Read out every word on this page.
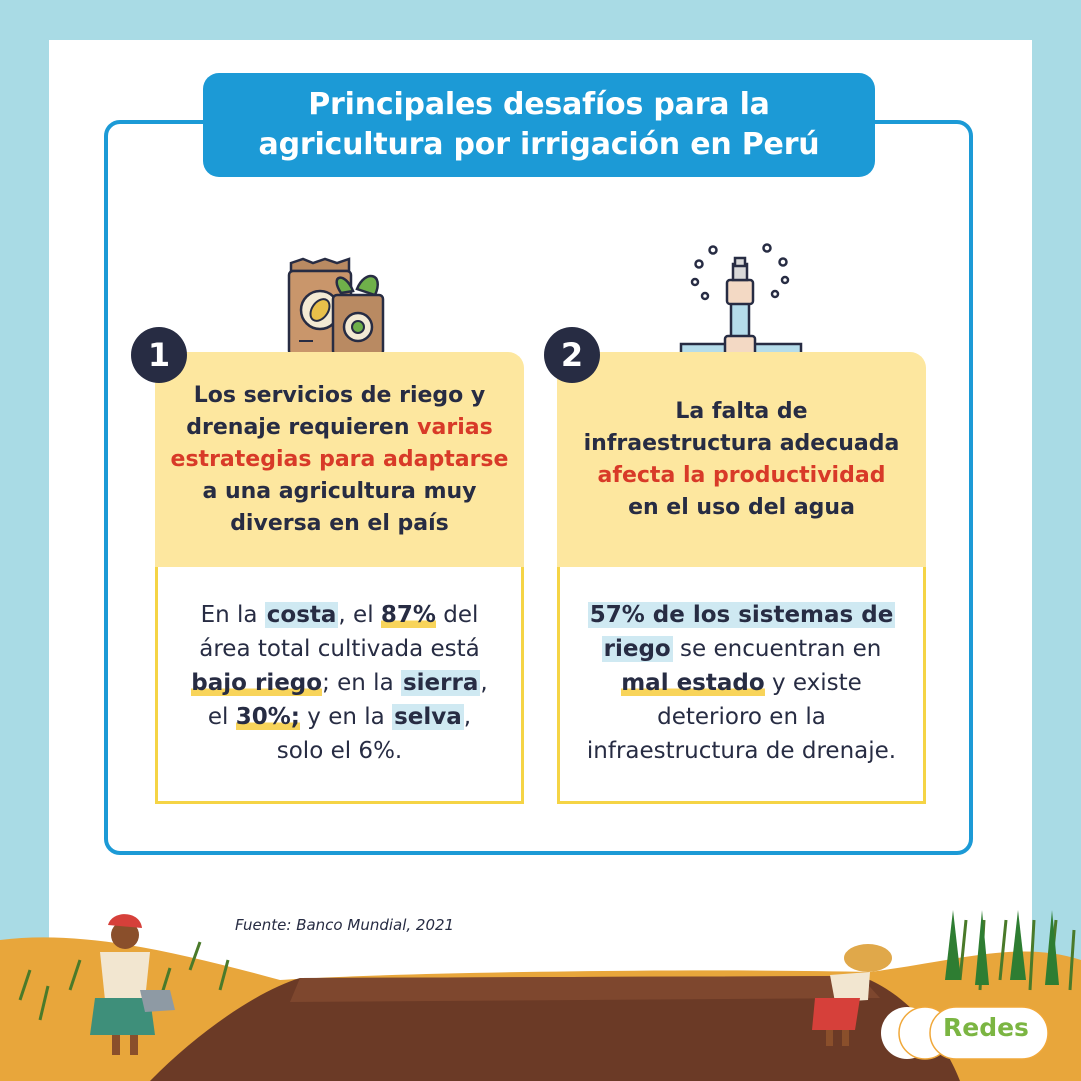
Principales desafíos para la
agricultura por irrigación en Perú
1	2

Los servicios de riego y
drenaje requieren varias
estrategias para adaptarse
a una agricultura muy
diversa en el país

La falta de
infraestructura adecuada
afecta la productividad
en el uso del agua

En la costa, el 87% del
área total cultivada está
bajo riego; en la sierra,
el 30%; y en la selva,
solo el 6%.

57% de los sistemas de
riego se encuentran en
mal estado y existe
deterioro en la
infraestructura de drenaje.

Fuente: Banco Mundial, 2021
Redes
